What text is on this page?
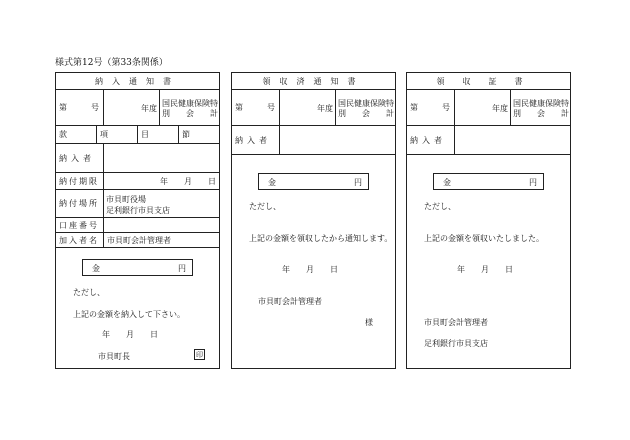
様式第12号（第33条関係）
納入通知書
第　　　号	年度
国民健康保険特
別　　会　　計
款	項	目	節
納入者
納付期限	年　　月　　日
納付場所 市貝町役場
足利銀行市貝支店
口座番号
加入者名	市貝町会計管理者
金	円
ただし、
上記の金額を納入して下さい。
年　　月　　日
市貝町長	印
領収済通知書
第　　　号	年度
国民健康保険特
別　　会　　計
納入者
金	円
ただし、
上記の金額を領収したから通知します。
年　　月　　日
市貝町会計管理者
様
領収証書
第　　　号	年度
国民健康保険特
別　　会　　計
納入者
金	円
ただし、
上記の金額を領収いたしました。
年　　月　　日
市貝町会計管理者
足利銀行市貝支店
